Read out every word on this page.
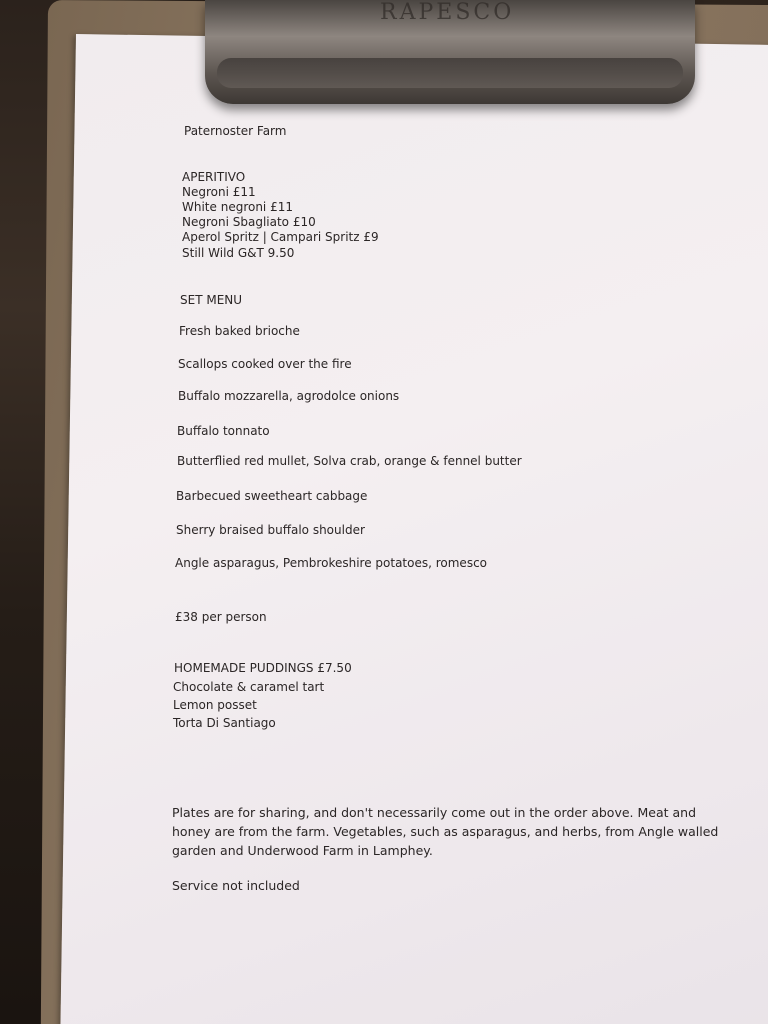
RAPESCO
Paternoster Farm
APERITIVO
Negroni £11
White negroni £11
Negroni Sbagliato £10
Aperol Spritz | Campari Spritz £9
Still Wild G&T 9.50
SET MENU
Fresh baked brioche
Scallops cooked over the fire
Buffalo mozzarella, agrodolce onions
Buffalo tonnato
Butterflied red mullet, Solva crab, orange & fennel butter
Barbecued sweetheart cabbage
Sherry braised buffalo shoulder
Angle asparagus, Pembrokeshire potatoes, romesco
£38 per person
HOMEMADE PUDDINGS £7.50
Chocolate & caramel tart
Lemon posset
Torta Di Santiago
Plates are for sharing, and don't necessarily come out in the order above. Meat and honey are from the farm. Vegetables, such as asparagus, and herbs, from Angle walled garden and Underwood Farm in Lamphey.
Service not included
